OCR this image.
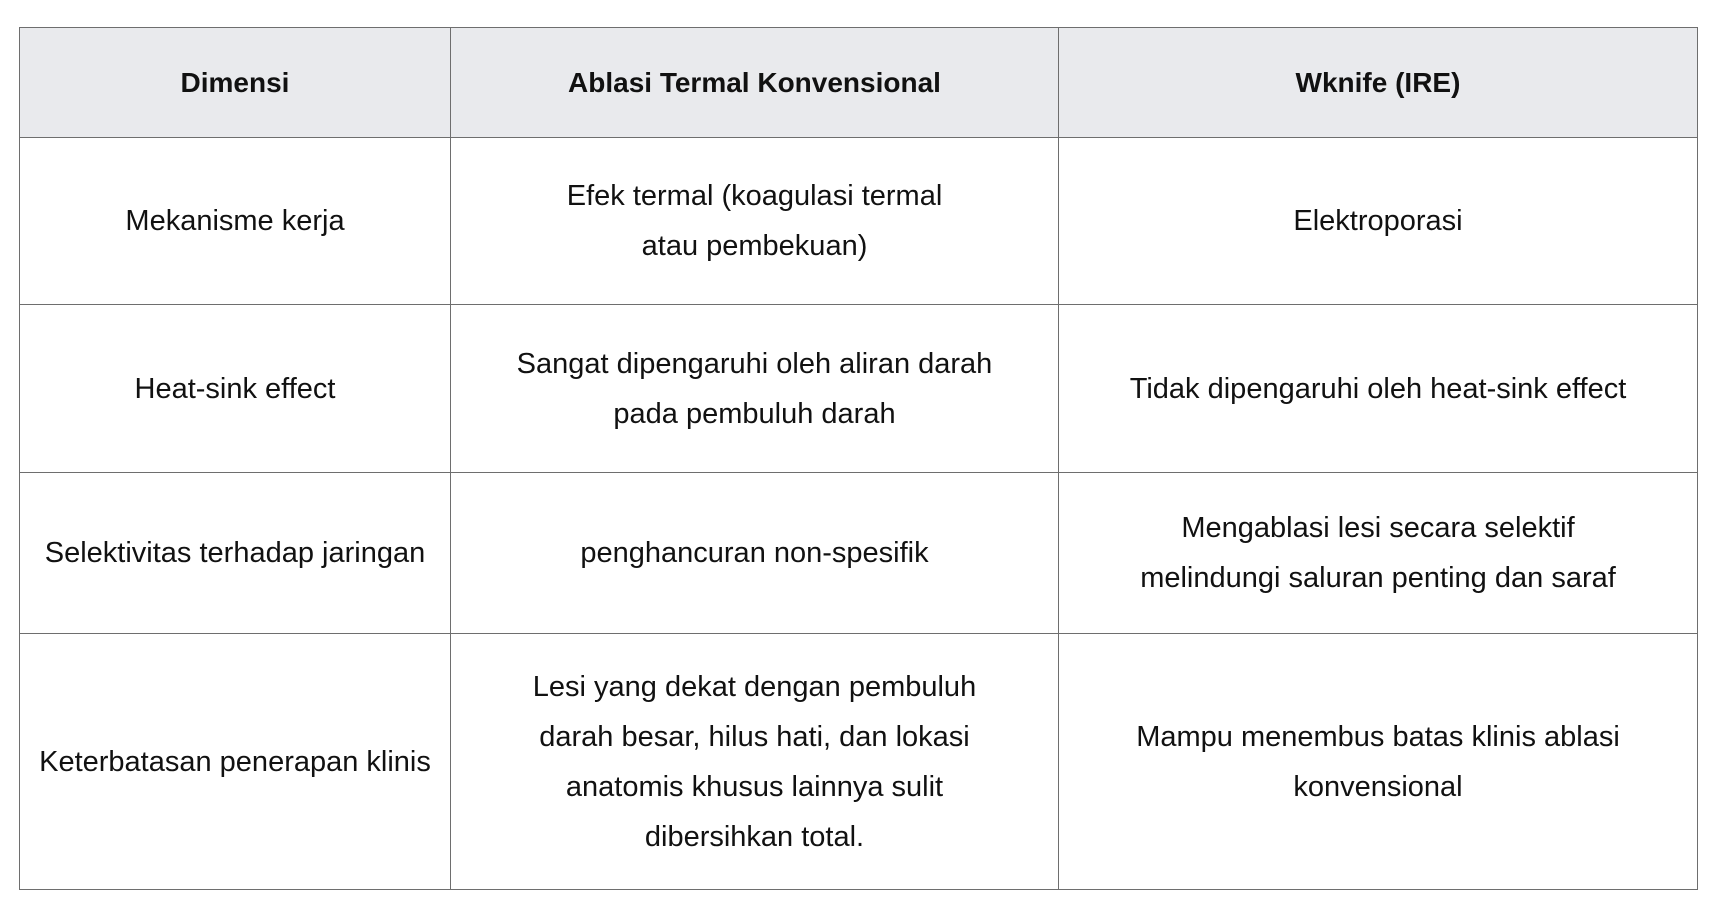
Dimensi	Ablasi Termal Konvensional	Wknife (IRE)
Mekanisme kerja	Efek termal (koagulasi termal atau pembekuan)	Elektroporasi
Heat-sink effect	Sangat dipengaruhi oleh aliran darah pada pembuluh darah	Tidak dipengaruhi oleh heat-sink effect
Selektivitas terhadap jaringan	penghancuran non-spesifik	Mengablasi lesi secara selektif melindungi saluran penting dan saraf
Keterbatasan penerapan klinis	Lesi yang dekat dengan pembuluh darah besar, hilus hati, dan lokasi anatomis khusus lainnya sulit dibersihkan total.	Mampu menembus batas klinis ablasi konvensional
